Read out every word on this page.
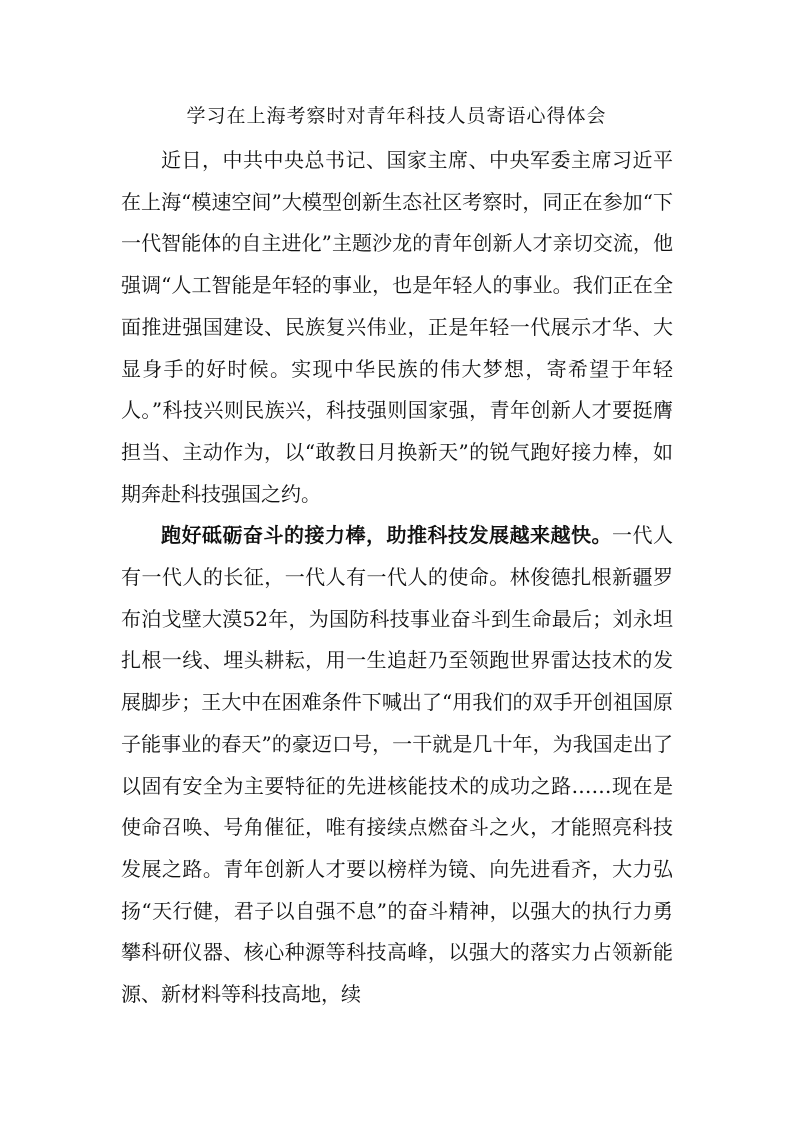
学习在上海考察时对青年科技人员寄语心得体会

近日，中共中央总书记、国家主席、中央军委主席习近平在上海“模速空间”大模型创新生态社区考察时，同正在参加“下一代智能体的自主进化”主题沙龙的青年创新人才亲切交流，他强调“人工智能是年轻的事业，也是年轻人的事业。我们正在全面推进强国建设、民族复兴伟业，正是年轻一代展示才华、大显身手的好时候。实现中华民族的伟大梦想，寄希望于年轻人。”科技兴则民族兴，科技强则国家强，青年创新人才要挺膺担当、主动作为，以“敢教日月换新天”的锐气跑好接力棒，如期奔赴科技强国之约。

跑好砥砺奋斗的接力棒，助推科技发展越来越快。一代人有一代人的长征，一代人有一代人的使命。林俊德扎根新疆罗布泊戈壁大漠52年，为国防科技事业奋斗到生命最后；刘永坦扎根一线、埋头耕耘，用一生追赶乃至领跑世界雷达技术的发展脚步；王大中在困难条件下喊出了“用我们的双手开创祖国原子能事业的春天”的豪迈口号，一干就是几十年，为我国走出了以固有安全为主要特征的先进核能技术的成功之路……现在是使命召唤、号角催征，唯有接续点燃奋斗之火，才能照亮科技发展之路。青年创新人才要以榜样为镜、向先进看齐，大力弘扬“天行健，君子以自强不息”的奋斗精神，以强大的执行力勇攀科研仪器、核心种源等科技高峰，以强大的落实力占领新能源、新材料等科技高地，续
